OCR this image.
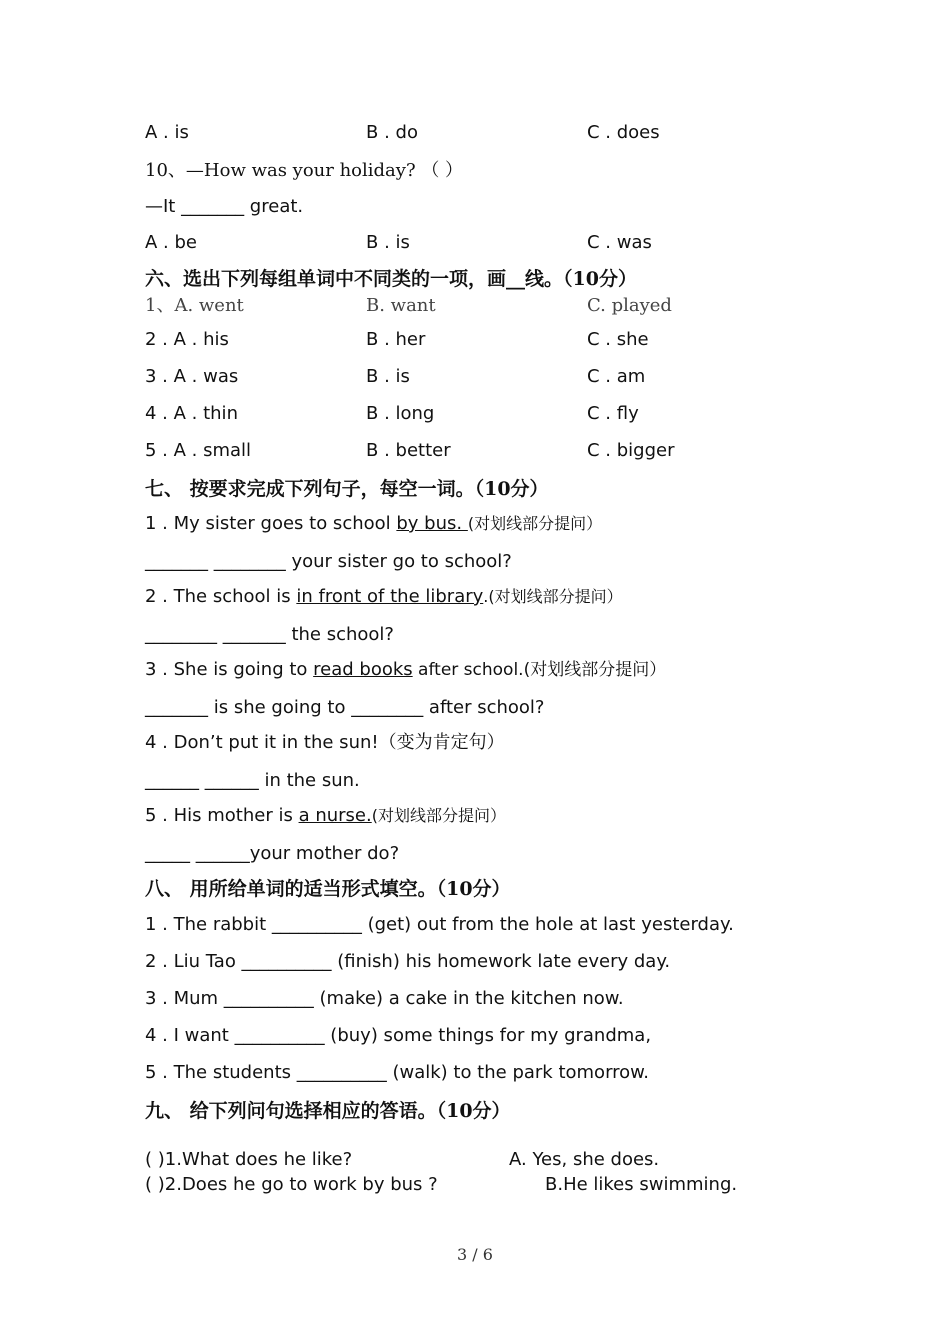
A . is	B . do	C . does
10、—How was your holiday? （ ）
—It _______ great.
A . be	B . is	C . was
六、选出下列每组单词中不同类的一项，画__线。（10分）
1、A. went	B. want	C. played
2 . A . his	B . her	C . she
3 . A . was	B . is	C . am
4 . A . thin	B . long	C . fly
5 . A . small	B . better	C . bigger
七、 按要求完成下列句子，每空一词。（10分）
1 . My sister goes to school by bus. (对划线部分提问）
_______ ________ your sister go to school?
2 . The school is in front of the library.(对划线部分提问）
________ _______ the school?
3 . She is going to read books after school.(对划线部分提问）
_______ is she going to ________ after school?
4 . Don’t put it in the sun!（变为肯定句）
______ ______ in the sun.
5 . His mother is a nurse.(对划线部分提问）
_____ ______your mother do?
八、 用所给单词的适当形式填空。（10分）
1 . The rabbit __________ (get) out from the hole at last yesterday.
2 . Liu Tao __________ (finish) his homework late every day.
3 . Mum __________ (make) a cake in the kitchen now.
4 . I want __________ (buy) some things for my grandma,
5 . The students __________ (walk) to the park tomorrow.
九、 给下列问句选择相应的答语。（10分）
( )1.What does he like?	A. Yes, she does.
( )2.Does he go to work by bus ?	B.He likes swimming.
3 / 6
